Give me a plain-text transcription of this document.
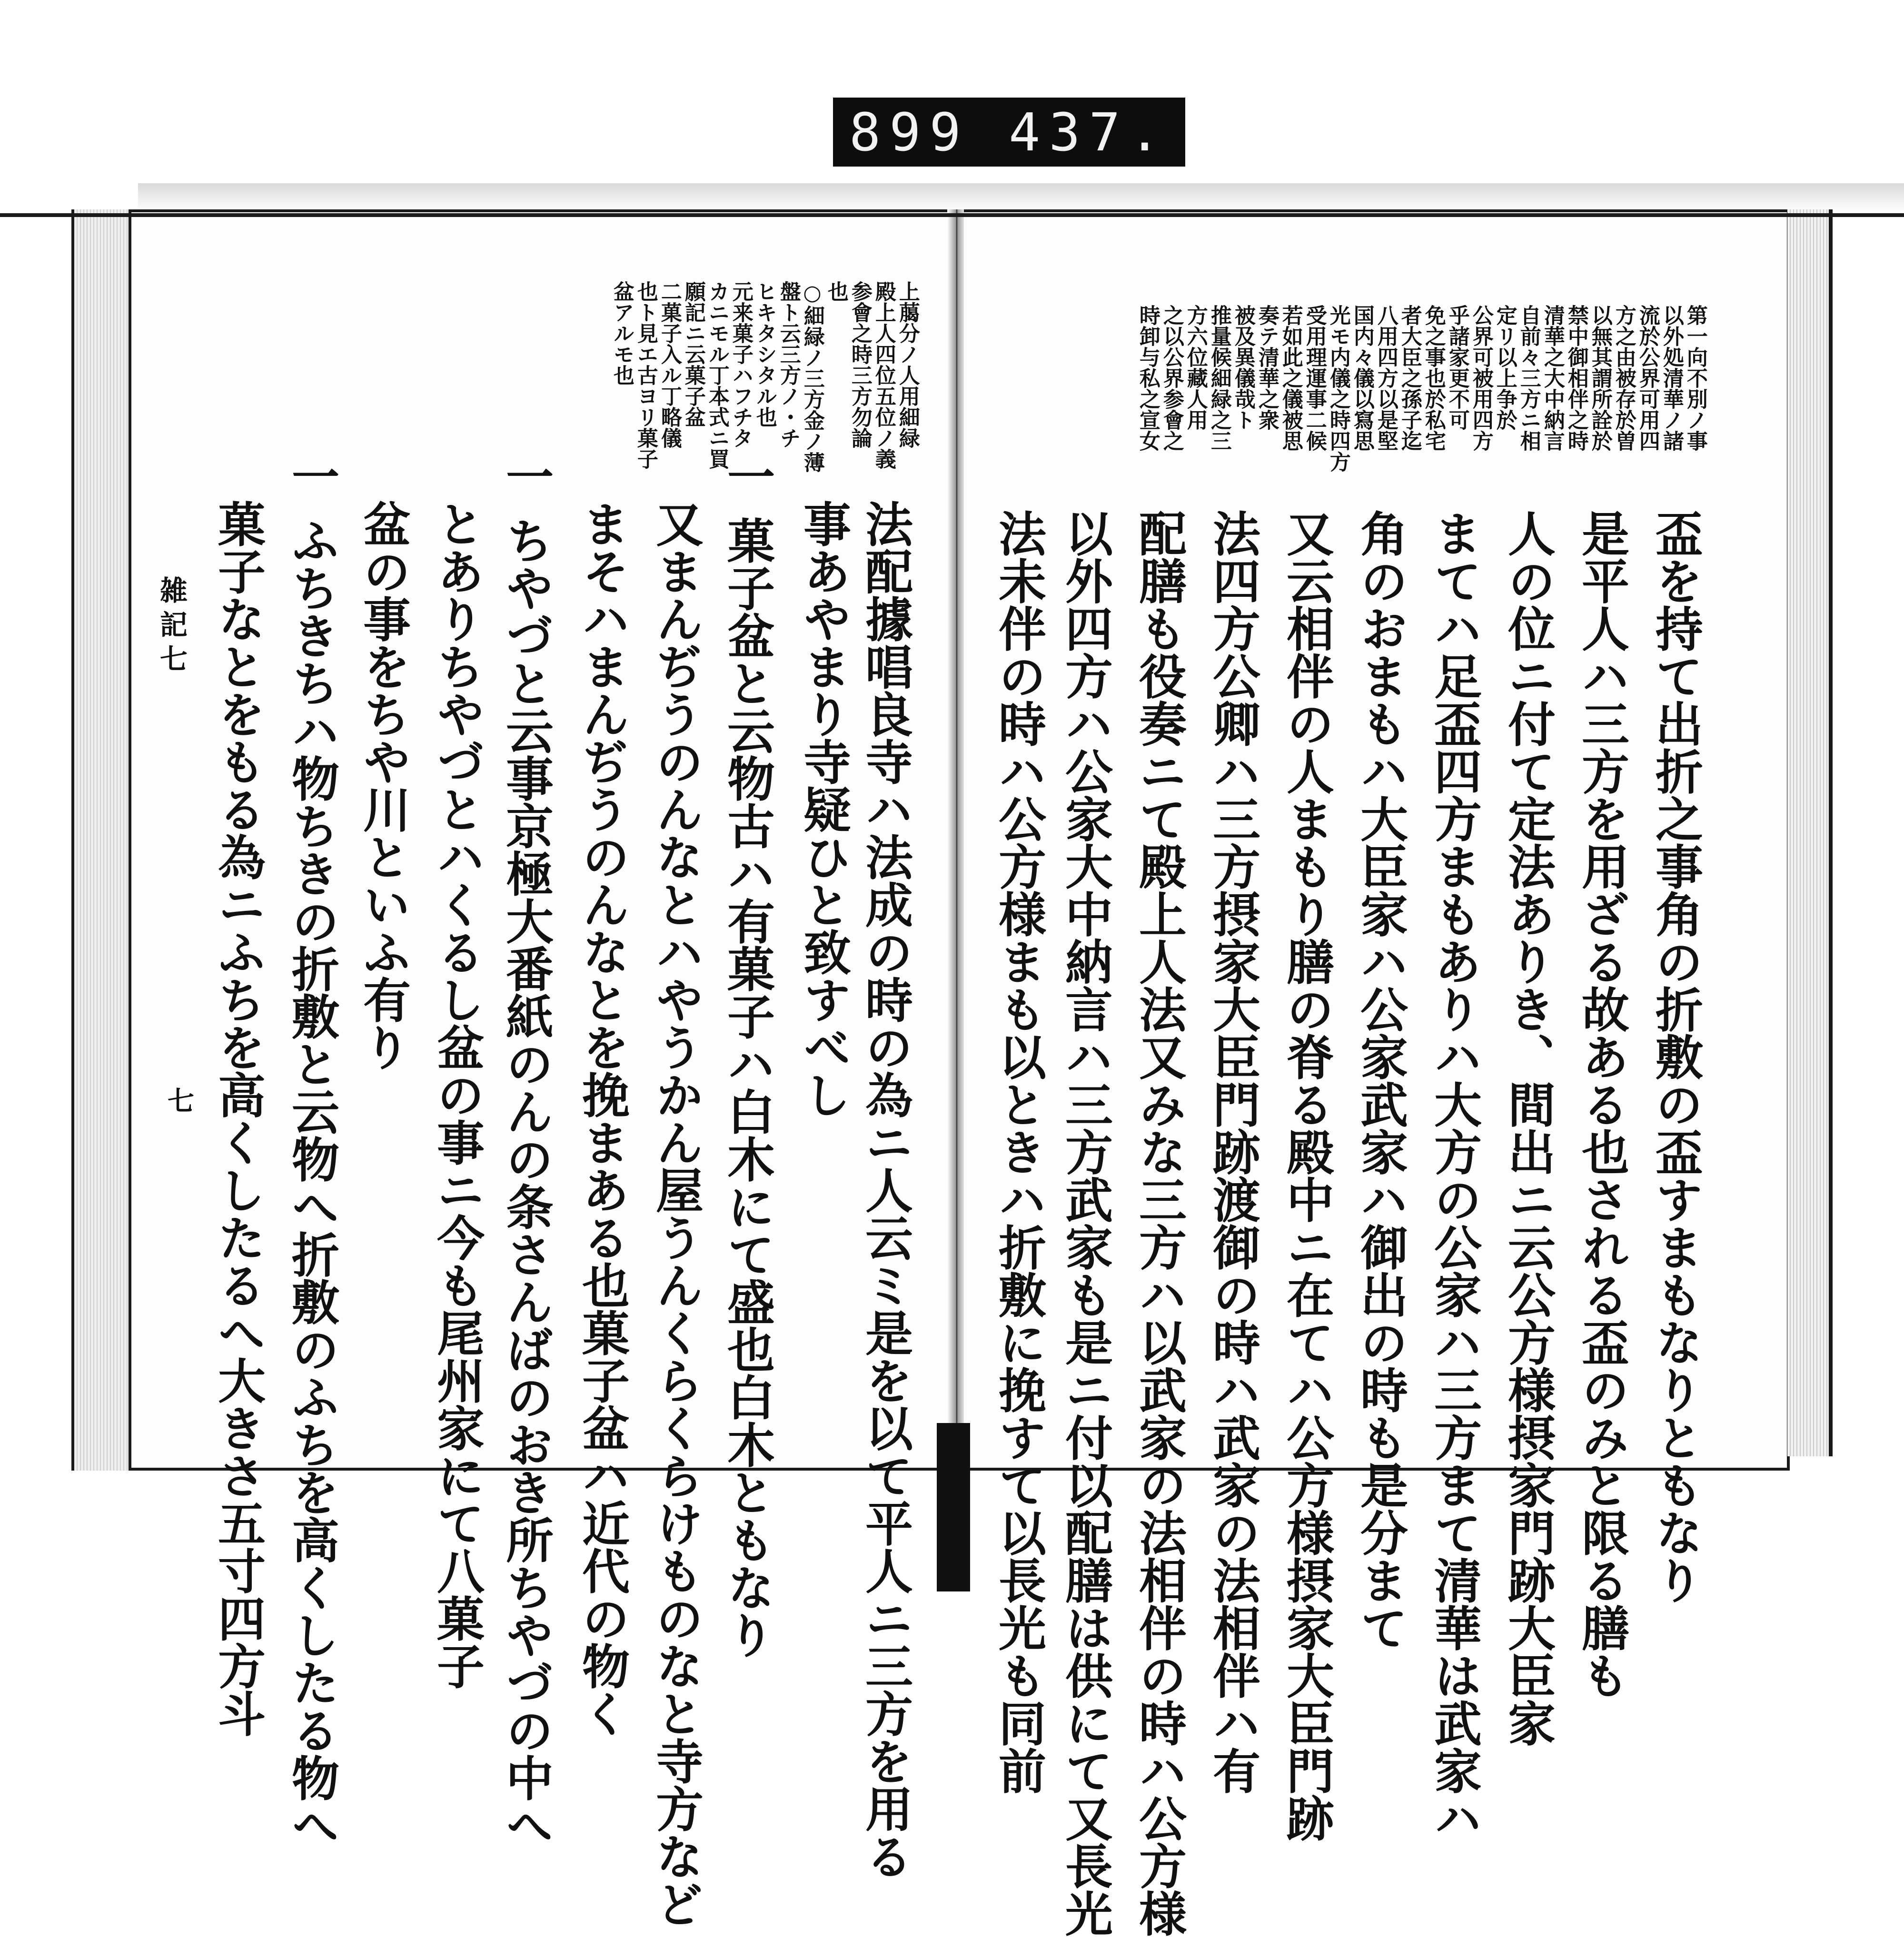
899 437.
上﨟分ノ人用細緑
殿上人四位五位ノ義
参會之時三方勿論
也
○細緑ノ三方金ノ薄
盤ト云三方ノ・チ
ヒキタシタル也
元来菓子ハフチタ
カニモル丁本式ニ買
願記ニ云菓子盆
二菓子入ル丁略儀
也ト見エ古ヨリ菓子
盆アルモ也
法配據唱良寺ハ法成の時の為ニ人云ミ是を以て平人ニ三方を用る
事あやまり寺疑ひと致すべし
一 菓子盆と云物古ハ有菓子ハ白木にて盛也白木ともなり
又まんぢうのんなとハやうかん屋うんくらくらけものなと寺方など
まそハまんぢうのんなとを挽まある也菓子盆ハ近代の物く
一 ちやづと云事京極大番紙のんの条さんばのおき所ちやづの中へ
とありちやづとハくるし盆の事ニ今も尾州家にて八菓子
盆の事をちや川といふ有り
一 ふちきちハ物ちきの折敷と云物へ折敷のふちを高くしたる物へ
菓子なとをもる為ニふちを高くしたるへ大きさ五寸四方斗
雑記七
七
第一向不別ノ事
以外処清華ノ諸
流於公界可用四
方之由被存於曽
以無其謂所詮於
禁中御相伴之時
清華之大中納言
自前々三方ニ相
定リ以上争於
公界可被用四方
乎諸家更不可
免之事也於私宅
者大臣之孫子迄
八用四方以是堅
国内々儀以寫思
光モ内儀之時四方
受用理運事二候
若如此之儀被思
奏テ清華之衆
被及異儀哉ト
推量候細緑之三
方六位藏人用
之以公界参會之
時卸与私之宣女
盃を持て出折之事角の折敷の盃すまもなりともなり
是平人ハ三方を用ざる故ある也される盃のみと限る膳も
人の位ニ付て定法ありき、間出ニ云公方様摂家門跡大臣家
まてハ足盃四方まもありハ大方の公家ハ三方まて清華は武家ハ
角のおまもハ大臣家ハ公家武家ハ御出の時も是分まて
又云相伴の人まもり膳の脊る殿中ニ在てハ公方様摂家大臣門跡
法四方公卿ハ三方摂家大臣門跡渡御の時ハ武家の法相伴ハ有
配膳も役奏ニて殿上人法又みな三方ハ以武家の法相伴の時ハ公方様
以外四方ハ公家大中納言ハ三方武家も是ニ付以配膳は供にて又長光
法未伴の時ハ公方様まも以ときハ折敷に挽すて以長光も同前
